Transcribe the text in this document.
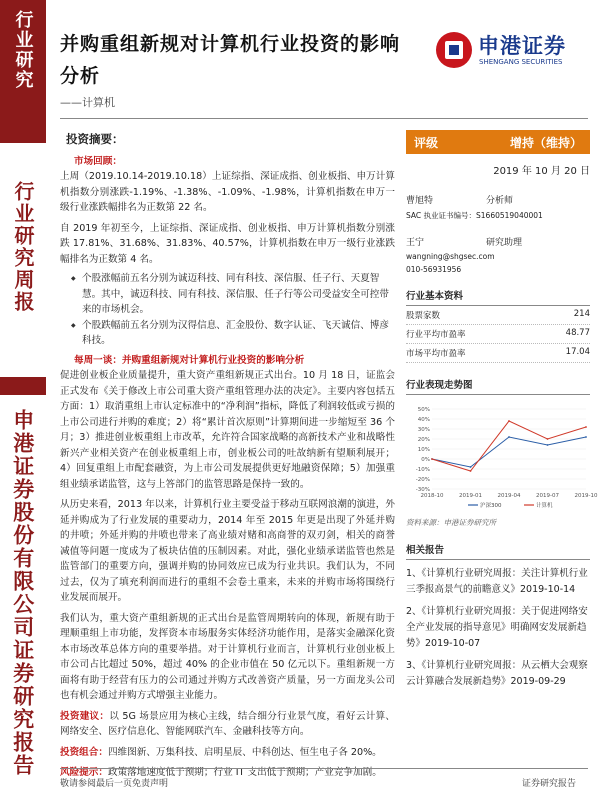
行业研究
行业研究周报
申港证券股份有限公司证券研究报告
并购重组新规对计算机行业投资的影响分析
——计算机
申港证券
SHENGANG SECURITIES
投资摘要：
市场回顾：

上周（2019.10.14-2019.10.18）上证综指、深证成指、创业板指、申万计算机指数分别涨跌-1.19%、-1.38%、-1.09%、-1.98%，计算机指数在申万一级行业涨跌幅排名为正数第 22 名。

自 2019 年初至今，上证综指、深证成指、创业板指、申万计算机指数分别涨跌 17.81%、31.68%、31.83%、40.57%，计算机指数在申万一级行业涨跌幅排名为正数第 4 名。

◆ 个股涨幅前五名分别为诚迈科技、同有科技、深信服、任子行、天夏智慧。其中，诚迈科技、同有科技、深信服、任子行等公司受益安全可控带来的市场机会。
◆ 个股跌幅前五名分别为汉得信息、汇金股份、数字认证、飞天诚信、博彦科技。
每周一谈：并购重组新规对计算机行业投资的影响分析

促进创业板企业质量提升，重大资产重组新规正式出台。10 月 18 日，证监会正式发布《关于修改上市公司重大资产重组管理办法的决定》。主要内容包括五方面：1）取消重组上市认定标准中的“净利润”指标，降低了利润较低或亏损的上市公司进行并购的难度；2）将“累计首次原则”计算期间进一步缩短至 36 个月；3）推进创业板重组上市改革，允许符合国家战略的高新技术产业和战略性新兴产业相关资产在创业板重组上市，创业板公司的吐故纳新有望顺利展开；4）回复重组上市配套融资，为上市公司发展提供更好地融资保障；5）加强重组业绩承诺监管，这与上答部门的监管思路是保持一致的。

从历史来看，2013 年以来，计算机行业主要受益于移动互联网浪潮的演进，外延并购成为了行业发展的重要动力，2014 年至 2015 年更是出现了外延并购的井喷；外延并购的井喷也带来了高业绩对赌和高商誉的双刃剑，相关的商誉减值等问题一度成为了板块估值的压制因素。对此，强化业绩承诺监管也然是监管部门的重要方向，强调并购的协同效应已成为行业共识。我们认为，不同过去，仅为了填充利润而进行的重组不会卷土重来，未来的并购市场将围绕行业发展而展开。

我们认为，重大资产重组新规的正式出台是监管周期转向的体现，新规有助于理顺重组上市功能，发挥资本市场服务实体经济功能作用，是落实金融深化资本市场改革总体方向的重要举措。对于计算机行业而言，计算机行业创业板上市公司占比超过 50%，超过 40% 的企业市值在 50 亿元以下。重组新规一方面将有助于经营有压力的公司通过并购方式改善资产质量，另一方面龙头公司也有机会通过并购方式增强主业能力。

投资建议：以 5G 场景应用为核心主线，结合细分行业景气度，看好云计算、网络安全、医疗信息化、智能网联汽车、金融科技等方向。

投资组合：四维图新、万集科技、启明星辰、中科创达、恒生电子各 20%。

风险提示：政策落地速度低于预期；行业 IT 支出低于预期；产业竞争加剧。

评级	增持（维持）
2019 年 10 月 20 日
曹旭特	分析师
SAC 执业证书编号：S1660519040001
王宁	研究助理
wangning@shgsec.com
010-56931956
行业基本资料
股票家数	214
行业平均市盈率	48.77
市场平均市盈率	17.04
行业表现走势图
50%
40%
30%
20%
10%
0%
-10%
-20%
-30%
2018-10	2019-01	2019-04	2019-07	2019-10
沪深300	计算机
资料来源：申港证券研究所
相关报告
1、《计算机行业研究周报：关注计算机行业三季报高景气的前瞻意义》2019-10-14
2、《计算机行业研究周报：关于促进网络安全产业发展的指导意见》明确网安发展新趋势》2019-10-07
3、《计算机行业研究周报：从云栖大会观察云计算融合发展新趋势》2019-09-29
敬请参阅最后一页免责声明	证券研究报告
